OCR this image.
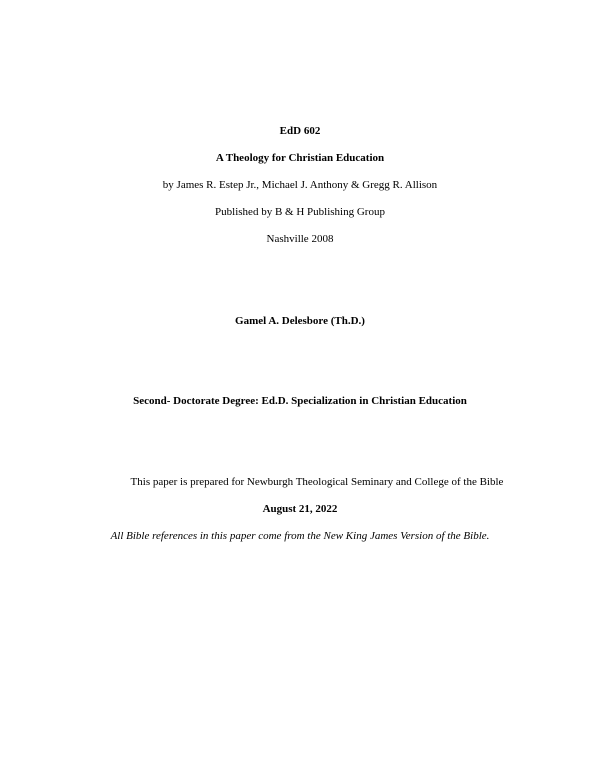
EdD 602
A Theology for Christian Education
by James R. Estep Jr., Michael J. Anthony & Gregg R. Allison
Published by B & H Publishing Group
Nashville 2008
Gamel A. Delesbore (Th.D.)
Second- Doctorate Degree: Ed.D. Specialization in Christian Education
This paper is prepared for Newburgh Theological Seminary and College of the Bible
August 21, 2022
All Bible references in this paper come from the New King James Version of the Bible.
